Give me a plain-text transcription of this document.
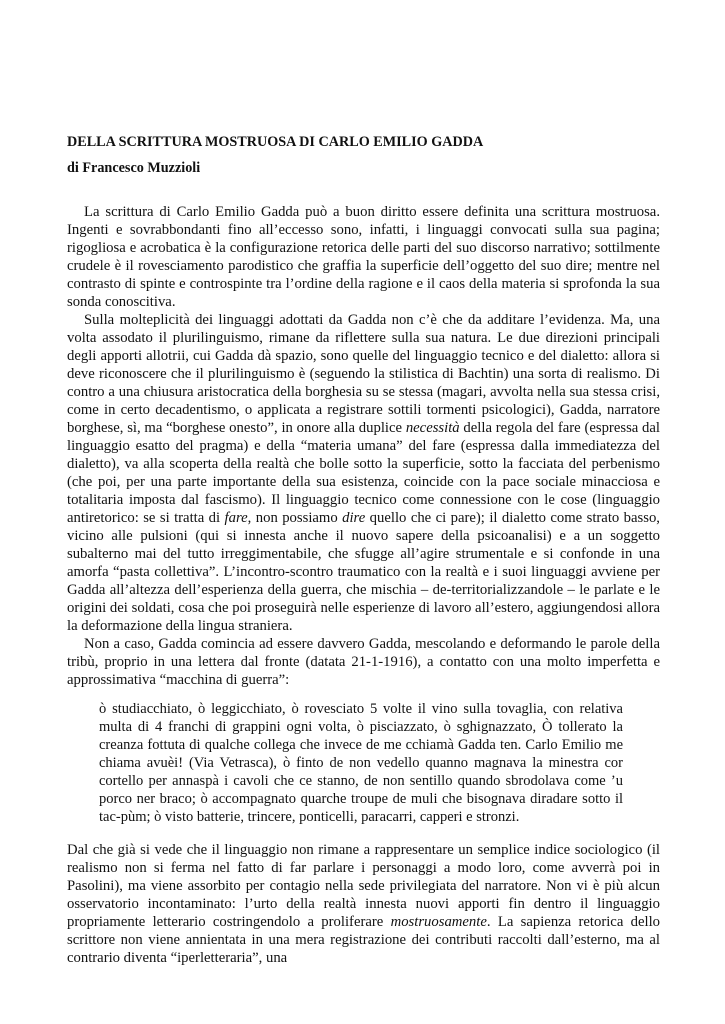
DELLA SCRITTURA MOSTRUOSA DI CARLO EMILIO GADDA
di Francesco Muzzioli

La scrittura di Carlo Emilio Gadda può a buon diritto essere definita una scrittura mostruosa. Ingenti e sovrabbondanti fino all’eccesso sono, infatti, i linguaggi convocati sulla sua pagina; rigogliosa e acrobatica è la configurazione retorica delle parti del suo discorso narrativo; sottilmente crudele è il rovesciamento parodistico che graffia la superficie dell’oggetto del suo dire; mentre nel contrasto di spinte e controspinte tra l’ordine della ragione e il caos della materia si sprofonda la sua sonda conoscitiva.

Sulla molteplicità dei linguaggi adottati da Gadda non c’è che da additare l’evidenza. Ma, una volta assodato il plurilinguismo, rimane da riflettere sulla sua natura. Le due direzioni principali degli apporti allotrii, cui Gadda dà spazio, sono quelle del linguaggio tecnico e del dialetto: allora si deve riconoscere che il plurilinguismo è (seguendo la stilistica di Bachtin) una sorta di realismo. Di contro a una chiusura aristocratica della borghesia su se stessa (magari, avvolta nella sua stessa crisi, come in certo decadentismo, o applicata a registrare sottili tormenti psicologici), Gadda, narratore borghese, sì, ma “borghese onesto”, in onore alla duplice necessità della regola del fare (espressa dal linguaggio esatto del pragma) e della “materia umana” del fare (espressa dalla immediatezza del dialetto), va alla scoperta della realtà che bolle sotto la superficie, sotto la facciata del perbenismo (che poi, per una parte importante della sua esistenza, coincide con la pace sociale minacciosa e totalitaria imposta dal fascismo). Il linguaggio tecnico come connessione con le cose (linguaggio antiretorico: se si tratta di fare, non possiamo dire quello che ci pare); il dialetto come strato basso, vicino alle pulsioni (qui si innesta anche il nuovo sapere della psicoanalisi) e a un soggetto subalterno mai del tutto irreggimentabile, che sfugge all’agire strumentale e si confonde in una amorfa “pasta collettiva”. L’incontro-scontro traumatico con la realtà e i suoi linguaggi avviene per Gadda all’altezza dell’esperienza della guerra, che mischia – de-territorializzandole – le parlate e le origini dei soldati, cosa che poi proseguirà nelle esperienze di lavoro all’estero, aggiungendosi allora la deformazione della lingua straniera.

Non a caso, Gadda comincia ad essere davvero Gadda, mescolando e deformando le parole della tribù, proprio in una lettera dal fronte (datata 21-1-1916), a contatto con una molto imperfetta e approssimativa “macchina di guerra”:

ò studiacchiato, ò leggicchiato, ò rovesciato 5 volte il vino sulla tovaglia, con relativa multa di 4 franchi di grappini ogni volta, ò pisciazzato, ò sghignazzato, Ò tollerato la creanza fottuta di qualche collega che invece de me cchiamà Gadda ten. Carlo Emilio me chiama avuèi! (Via Vetrasca), ò finto de non vedello quanno magnava la minestra cor cortello per annaspà i cavoli che ce stanno, de non sentillo quando sbrodolava come ’u porco ner braco; ò accompagnato quarche troupe de muli che bisognava diradare sotto il tac-pùm; ò visto batterie, trincere, ponticelli, paracarri, capperi e stronzi.

Dal che già si vede che il linguaggio non rimane a rappresentare un semplice indice sociologico (il realismo non si ferma nel fatto di far parlare i personaggi a modo loro, come avverrà poi in Pasolini), ma viene assorbito per contagio nella sede privilegiata del narratore. Non vi è più alcun osservatorio incontaminato: l’urto della realtà innesta nuovi apporti fin dentro il linguaggio propriamente letterario costringendolo a proliferare mostruosamente. La sapienza retorica dello scrittore non viene annientata in una mera registrazione dei contributi raccolti dall’esterno, ma al contrario diventa “iperletteraria”, una
